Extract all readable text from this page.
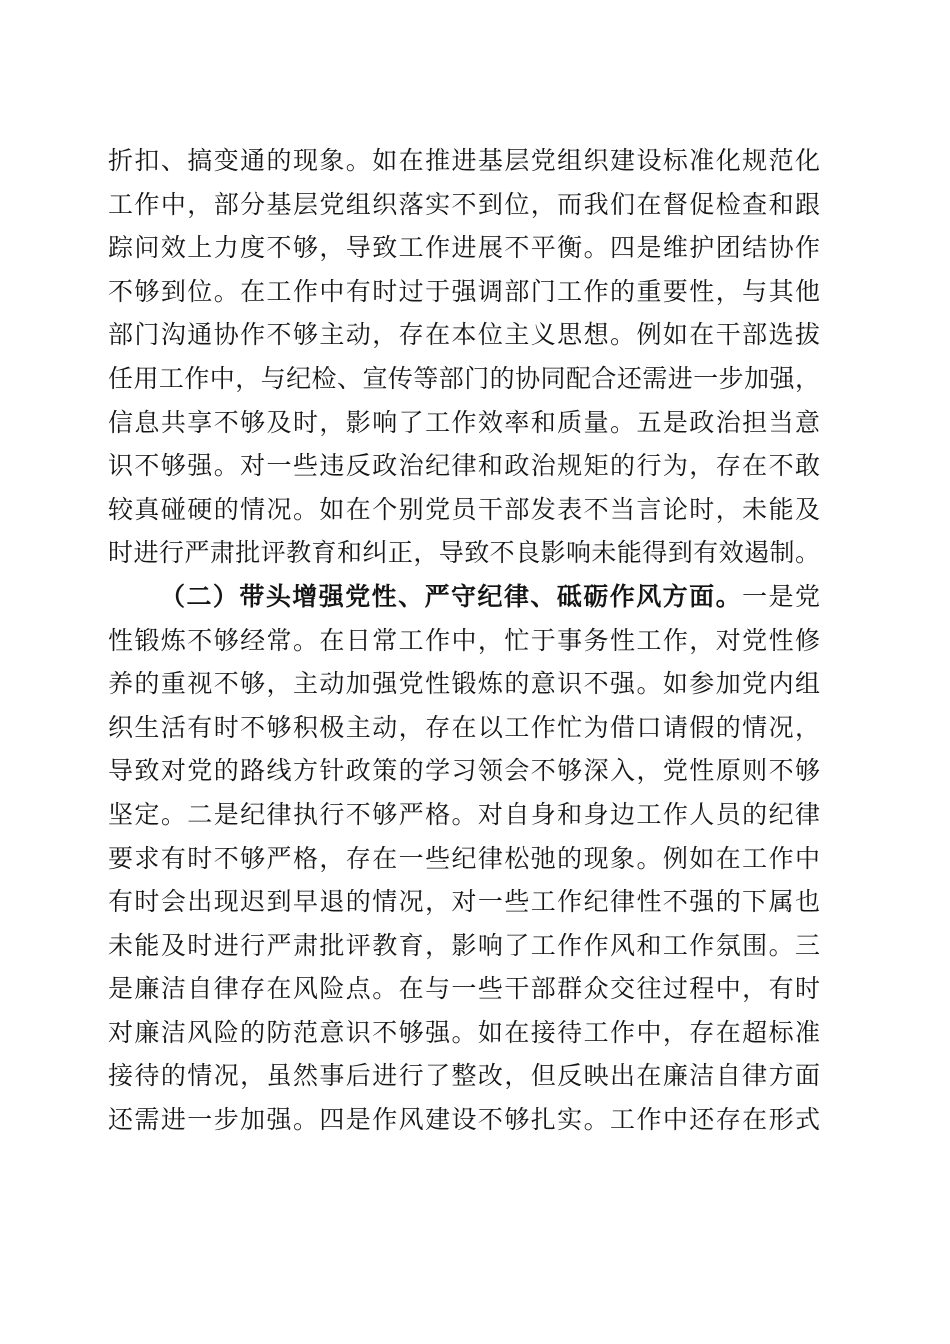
折扣、搞变通的现象。如在推进基层党组织建设标准化规范化
工作中，部分基层党组织落实不到位，而我们在督促检查和跟
踪问效上力度不够，导致工作进展不平衡。四是维护团结协作
不够到位。在工作中有时过于强调部门工作的重要性，与其他
部门沟通协作不够主动，存在本位主义思想。例如在干部选拔
任用工作中，与纪检、宣传等部门的协同配合还需进一步加强，
信息共享不够及时，影响了工作效率和质量。五是政治担当意
识不够强。对一些违反政治纪律和政治规矩的行为，存在不敢
较真碰硬的情况。如在个别党员干部发表不当言论时，未能及
时进行严肃批评教育和纠正，导致不良影响未能得到有效遏制。
（二）带头增强党性、严守纪律、砥砺作风方面。一是党
性锻炼不够经常。在日常工作中，忙于事务性工作，对党性修
养的重视不够，主动加强党性锻炼的意识不强。如参加党内组
织生活有时不够积极主动，存在以工作忙为借口请假的情况，
导致对党的路线方针政策的学习领会不够深入，党性原则不够
坚定。二是纪律执行不够严格。对自身和身边工作人员的纪律
要求有时不够严格，存在一些纪律松弛的现象。例如在工作中
有时会出现迟到早退的情况，对一些工作纪律性不强的下属也
未能及时进行严肃批评教育，影响了工作作风和工作氛围。三
是廉洁自律存在风险点。在与一些干部群众交往过程中，有时
对廉洁风险的防范意识不够强。如在接待工作中，存在超标准
接待的情况，虽然事后进行了整改，但反映出在廉洁自律方面
还需进一步加强。四是作风建设不够扎实。工作中还存在形式
